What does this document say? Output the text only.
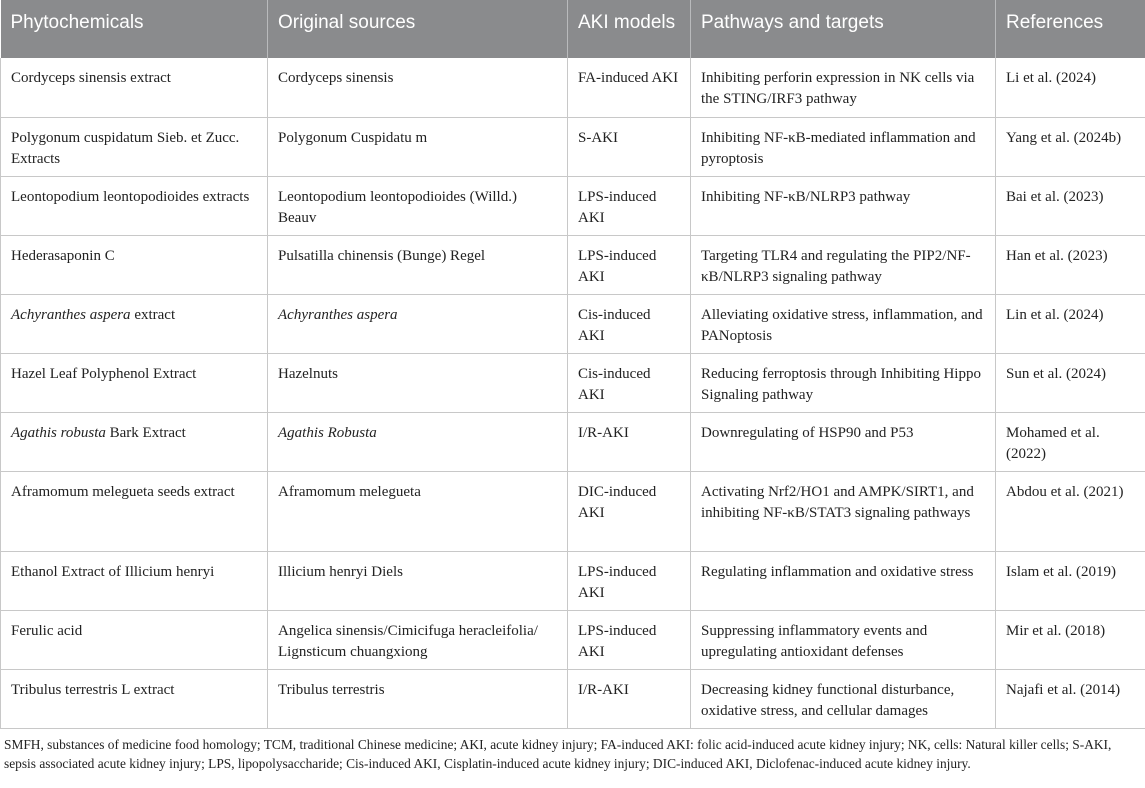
Phytochemicals	Original sources	AKI models	Pathways and targets	References
Cordyceps sinensis extract	Cordyceps sinensis	FA-induced AKI	Inhibiting perforin expression in NK cells via the STING/IRF3 pathway	Li et al. (2024)
Polygonum cuspidatum Sieb. et Zucc. Extracts	Polygonum Cuspidatu m	S-AKI	Inhibiting NF-κB-mediated inflammation and pyroptosis	Yang et al. (2024b)
Leontopodium leontopodioides extracts	Leontopodium leontopodioides (Willd.) Beauv	LPS-induced AKI	Inhibiting NF-κB/NLRP3 pathway	Bai et al. (2023)
Hederasaponin C	Pulsatilla chinensis (Bunge) Regel	LPS-induced AKI	Targeting TLR4 and regulating the PIP2/NF-κB/NLRP3 signaling pathway	Han et al. (2023)
Achyranthes aspera extract	Achyranthes aspera	Cis-induced AKI	Alleviating oxidative stress, inflammation, and PANoptosis	Lin et al. (2024)
Hazel Leaf Polyphenol Extract	Hazelnuts	Cis-induced AKI	Reducing ferroptosis through Inhibiting Hippo Signaling pathway	Sun et al. (2024)
Agathis robusta Bark Extract	Agathis Robusta	I/R-AKI	Downregulating of HSP90 and P53	Mohamed et al. (2022)
Aframomum melegueta seeds extract	Aframomum melegueta	DIC-induced AKI	Activating Nrf2/HO1 and AMPK/SIRT1, and inhibiting NF-κB/STAT3 signaling pathways	Abdou et al. (2021)
Ethanol Extract of Illicium henryi	Illicium henryi Diels	LPS-induced AKI	Regulating inflammation and oxidative stress	Islam et al. (2019)
Ferulic acid	Angelica sinensis/Cimicifuga heracleifolia/ Lignsticum chuangxiong	LPS-induced AKI	Suppressing inflammatory events and upregulating antioxidant defenses	Mir et al. (2018)
Tribulus terrestris L extract	Tribulus terrestris	I/R-AKI	Decreasing kidney functional disturbance, oxidative stress, and cellular damages	Najafi et al. (2014)
SMFH, substances of medicine food homology; TCM, traditional Chinese medicine; AKI, acute kidney injury; FA-induced AKI: folic acid-induced acute kidney injury; NK, cells: Natural killer cells; S-AKI, sepsis associated acute kidney injury; LPS, lipopolysaccharide; Cis-induced AKI, Cisplatin-induced acute kidney injury; DIC-induced AKI, Diclofenac-induced acute kidney injury.
